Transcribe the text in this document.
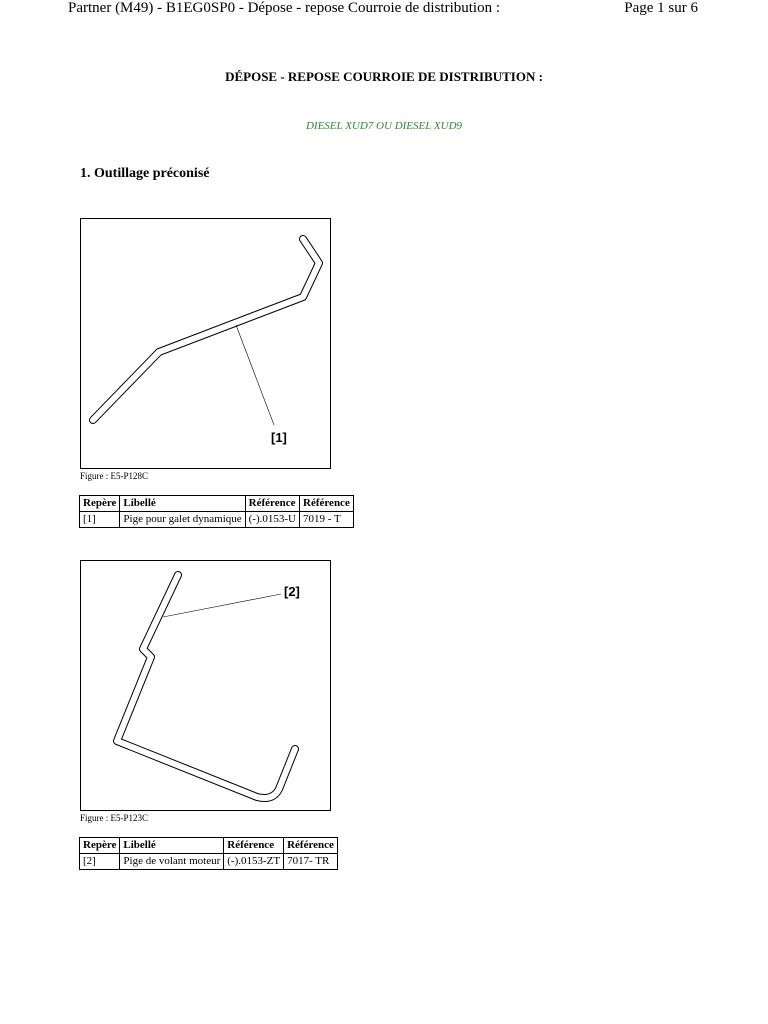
Partner (M49) - B1EG0SP0 - Dépose - repose Courroie de distribution :	Page 1 sur 6
DÉPOSE - REPOSE COURROIE DE DISTRIBUTION :
DIESEL XUD7 OU DIESEL XUD9
1. Outillage préconisé
[1]
Figure : E5-P128C
Repère	Libellé	Référence	Référence
[1]	Pige pour galet dynamique	(-).0153-U	7019 - T
[2]
Figure : E5-P123C
Repère	Libellé	Référence	Référence
[2]	Pige de volant moteur	(-).0153-ZT	7017- TR
